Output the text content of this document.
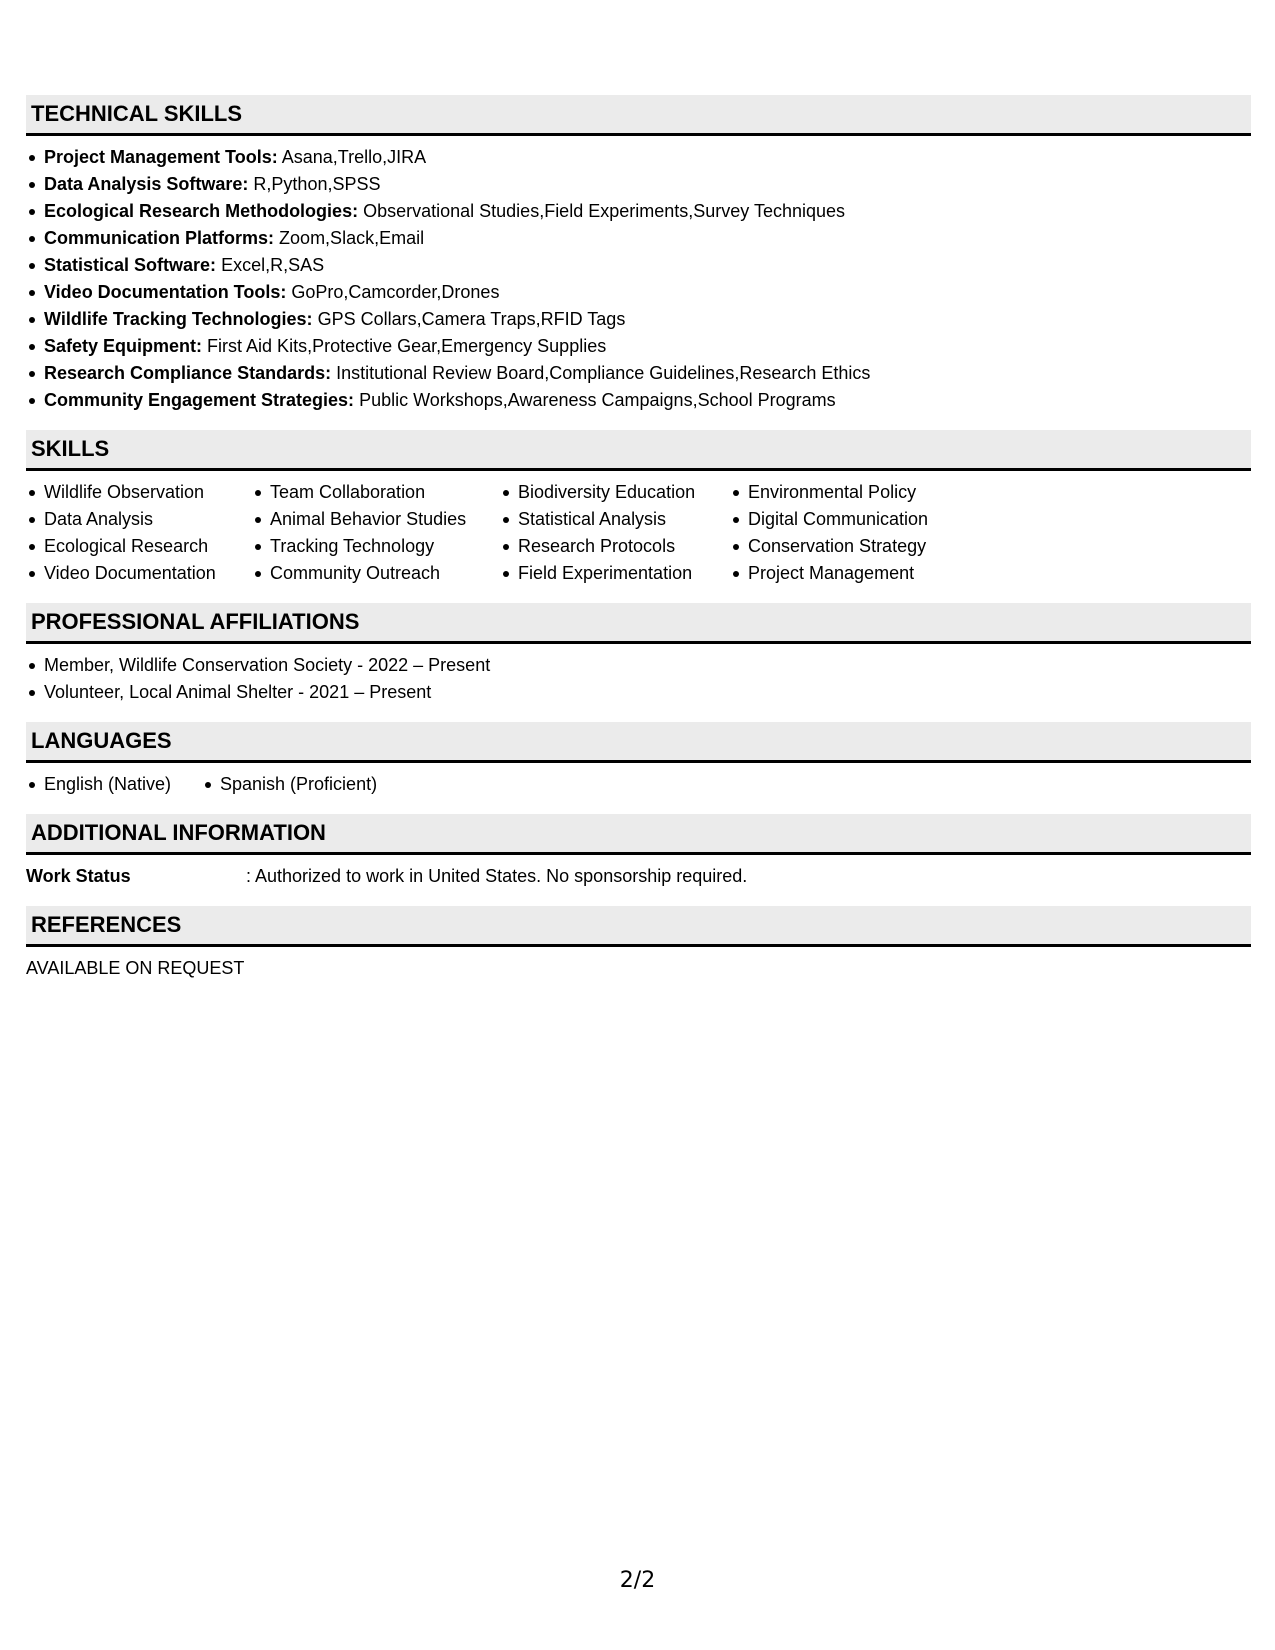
TECHNICAL SKILLS
Project Management Tools: Asana,Trello,JIRA
Data Analysis Software: R,Python,SPSS
Ecological Research Methodologies: Observational Studies,Field Experiments,Survey Techniques
Communication Platforms: Zoom,Slack,Email
Statistical Software: Excel,R,SAS
Video Documentation Tools: GoPro,Camcorder,Drones
Wildlife Tracking Technologies: GPS Collars,Camera Traps,RFID Tags
Safety Equipment: First Aid Kits,Protective Gear,Emergency Supplies
Research Compliance Standards: Institutional Review Board,Compliance Guidelines,Research Ethics
Community Engagement Strategies: Public Workshops,Awareness Campaigns,School Programs
SKILLS
Wildlife Observation
Data Analysis
Ecological Research
Video Documentation
Team Collaboration
Animal Behavior Studies
Tracking Technology
Community Outreach
Biodiversity Education
Statistical Analysis
Research Protocols
Field Experimentation
Environmental Policy
Digital Communication
Conservation Strategy
Project Management
PROFESSIONAL AFFILIATIONS
Member, Wildlife Conservation Society - 2022 – Present
Volunteer, Local Animal Shelter - 2021 – Present
LANGUAGES
English (Native)	Spanish (Proficient)
ADDITIONAL INFORMATION
Work Status	: Authorized to work in United States. No sponsorship required.
REFERENCES
AVAILABLE ON REQUEST
2/2
